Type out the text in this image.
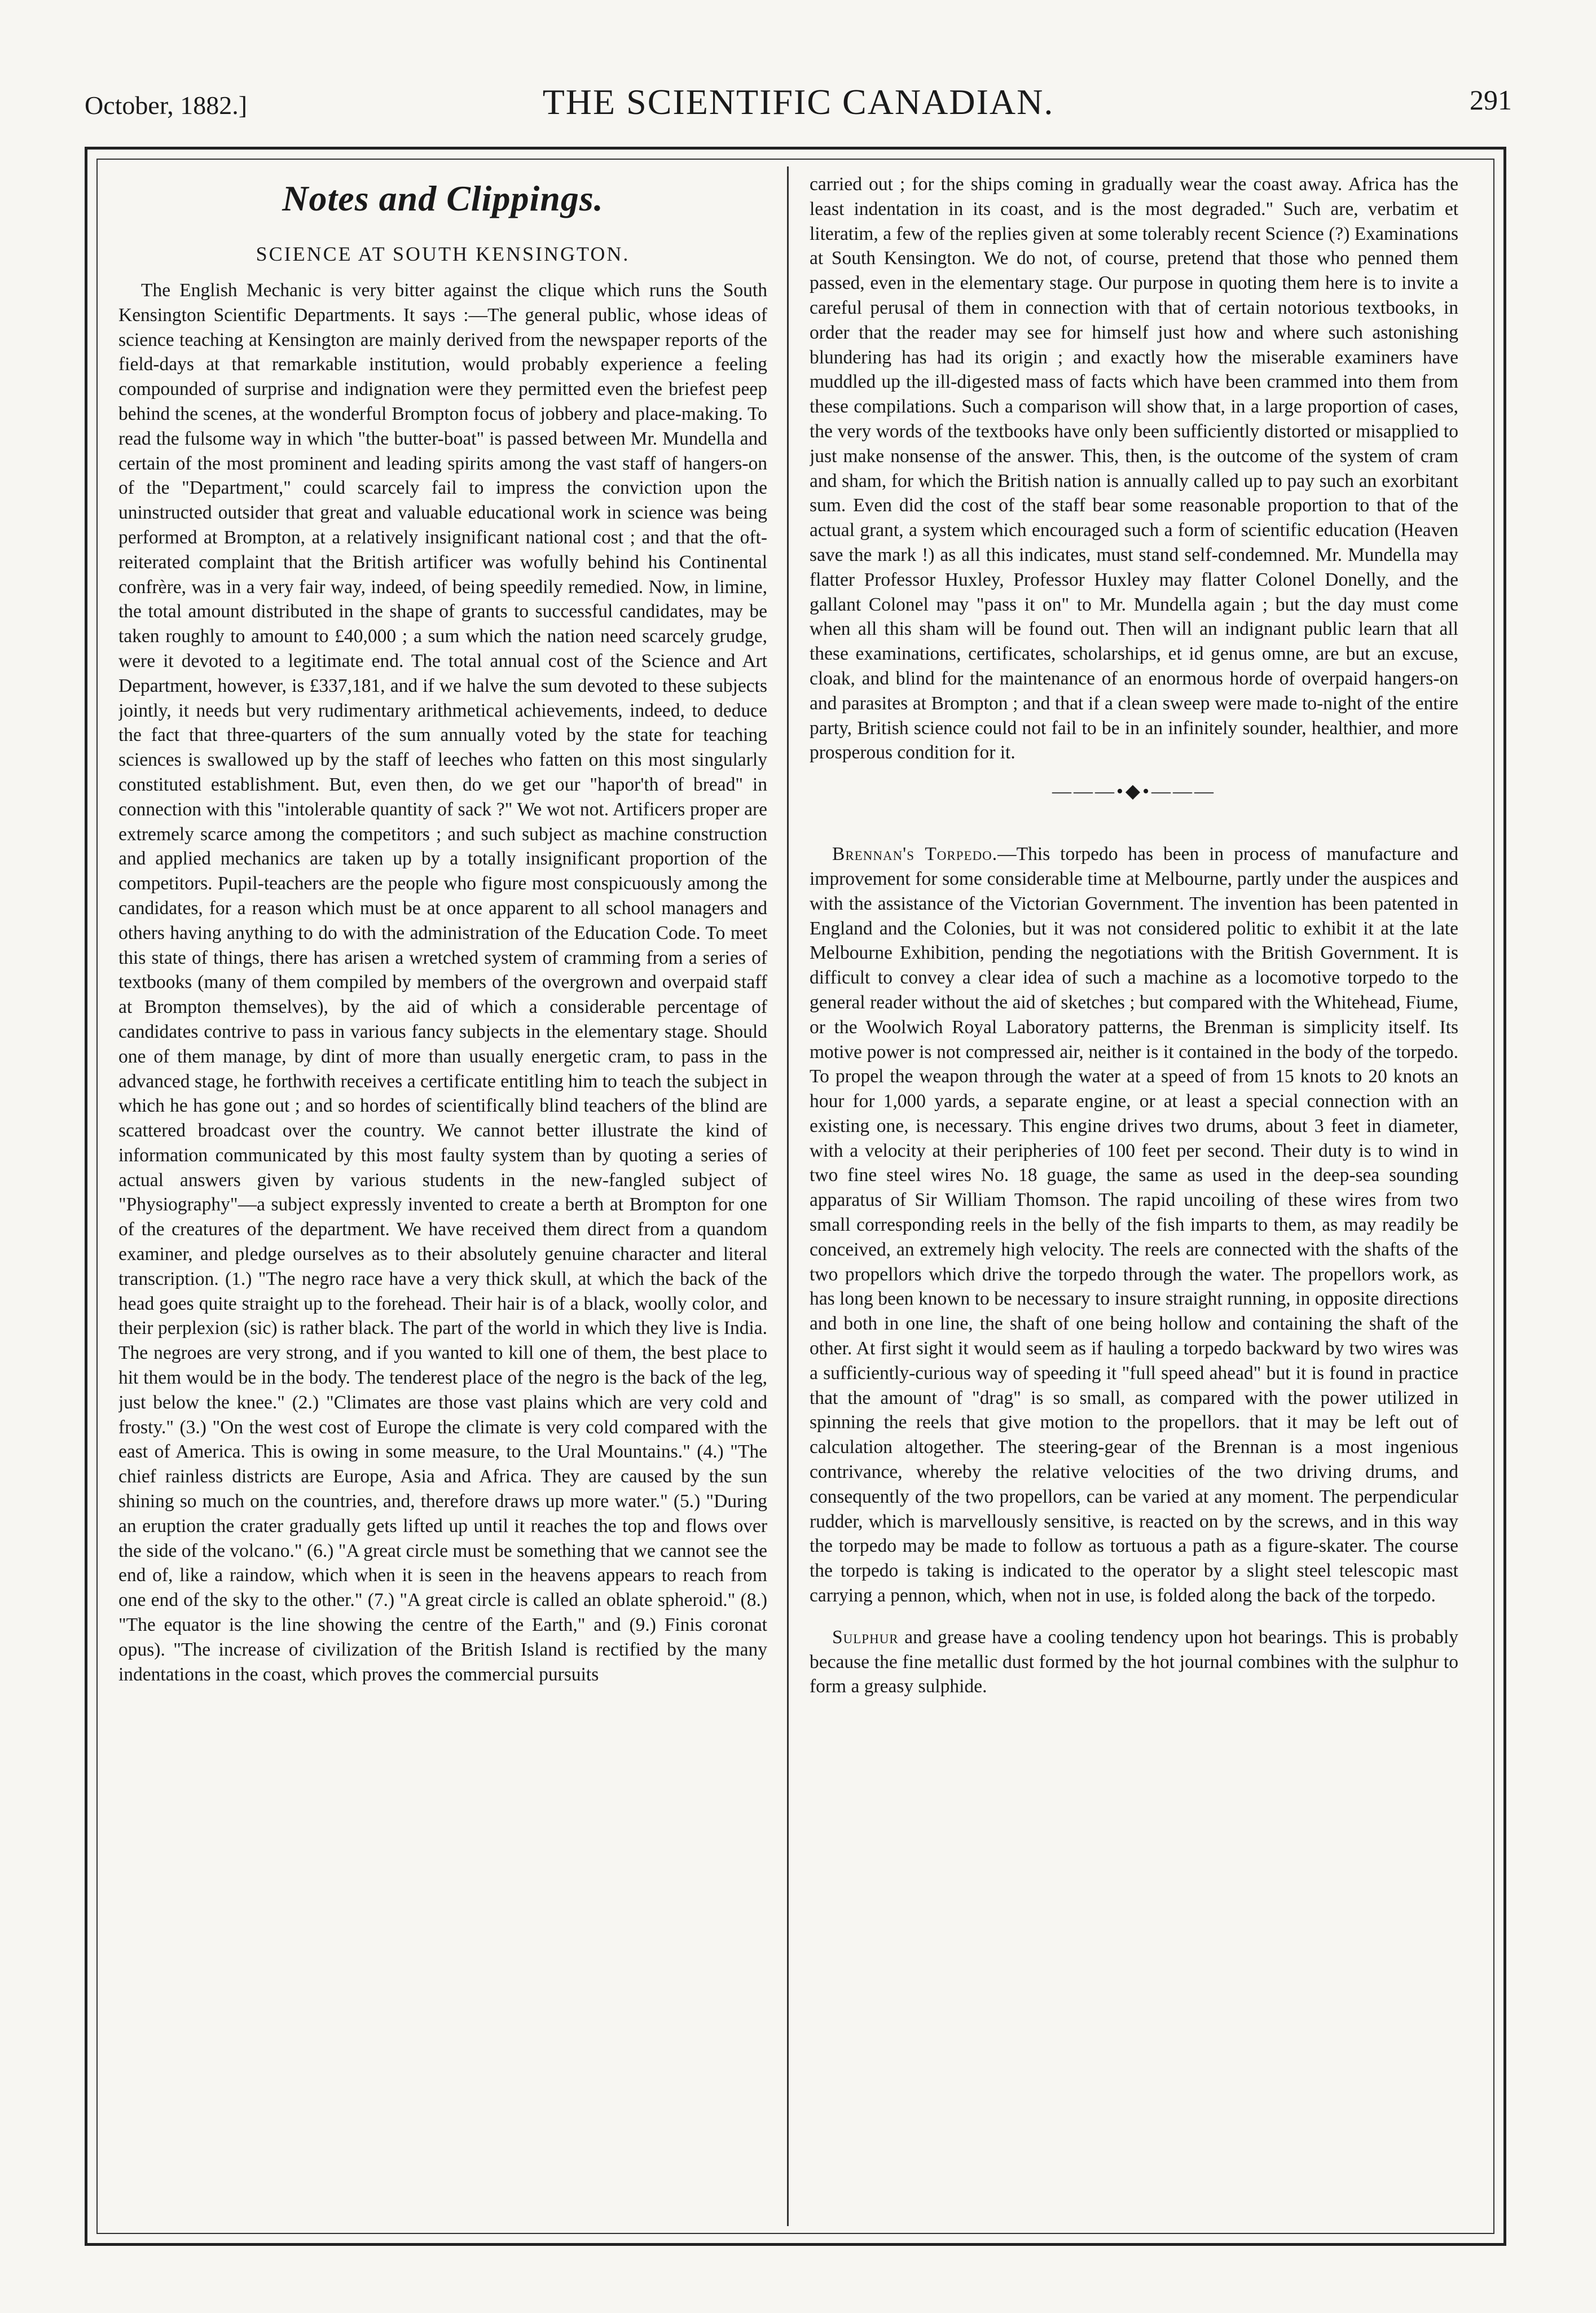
October, 1882.]	THE SCIENTIFIC CANADIAN.	291
Notes and Clippings.
SCIENCE AT SOUTH KENSINGTON.

The English Mechanic is very bitter against the clique which runs the South Kensington Scientific Departments. It says :—The general public, whose ideas of science teaching at Kensington are mainly derived from the newspaper reports of the field-days at that remarkable institution, would probably experience a feeling compounded of surprise and indignation were they permitted even the briefest peep behind the scenes, at the wonderful Brompton focus of jobbery and place-making. To read the fulsome way in which "the butter-boat" is passed between Mr. Mundella and certain of the most prominent and leading spirits among the vast staff of hangers-on of the "Department," could scarcely fail to impress the conviction upon the uninstructed outsider that great and valuable educational work in science was being performed at Brompton, at a relatively insignificant national cost ; and that the oft-reiterated complaint that the British artificer was wofully behind his Continental confrère, was in a very fair way, indeed, of being speedily remedied. Now, in limine, the total amount distributed in the shape of grants to successful candidates, may be taken roughly to amount to £40,000 ; a sum which the nation need scarcely grudge, were it devoted to a legitimate end. The total annual cost of the Science and Art Department, however, is £337,181, and if we halve the sum devoted to these subjects jointly, it needs but very rudimentary arithmetical achievements, indeed, to deduce the fact that three-quarters of the sum annually voted by the state for teaching sciences is swallowed up by the staff of leeches who fatten on this most singularly constituted establishment. But, even then, do we get our "hapor'th of bread" in connection with this "intolerable quantity of sack ?" We wot not. Artificers proper are extremely scarce among the competitors ; and such subject as machine construction and applied mechanics are taken up by a totally insignificant proportion of the competitors. Pupil-teachers are the people who figure most conspicuously among the candidates, for a reason which must be at once apparent to all school managers and others having anything to do with the administration of the Education Code. To meet this state of things, there has arisen a wretched system of cramming from a series of textbooks (many of them compiled by members of the overgrown and overpaid staff at Brompton themselves), by the aid of which a considerable percentage of candidates contrive to pass in various fancy subjects in the elementary stage. Should one of them manage, by dint of more than usually energetic cram, to pass in the advanced stage, he forthwith receives a certificate entitling him to teach the subject in which he has gone out ; and so hordes of scientifically blind teachers of the blind are scattered broadcast over the country. We cannot better illustrate the kind of information communicated by this most faulty system than by quoting a series of actual answers given by various students in the new-fangled subject of "Physiography"—a subject expressly invented to create a berth at Brompton for one of the creatures of the department. We have received them direct from a quandom examiner, and pledge ourselves as to their absolutely genuine character and literal transcription. (1.) "The negro race have a very thick skull, at which the back of the head goes quite straight up to the forehead. Their hair is of a black, woolly color, and their perplexion (sic) is rather black. The part of the world in which they live is India. The negroes are very strong, and if you wanted to kill one of them, the best place to hit them would be in the body. The tenderest place of the negro is the back of the leg, just below the knee." (2.) "Climates are those vast plains which are very cold and frosty." (3.) "On the west cost of Europe the climate is very cold compared with the east of America. This is owing in some measure, to the Ural Mountains." (4.) "The chief rainless districts are Europe, Asia and Africa. They are caused by the sun shining so much on the countries, and, therefore draws up more water." (5.) "During an eruption the crater gradually gets lifted up until it reaches the top and flows over the side of the volcano." (6.) "A great circle must be something that we cannot see the end of, like a raindow, which when it is seen in the heavens appears to reach from one end of the sky to the other." (7.) "A great circle is called an oblate spheroid." (8.) "The equator is the line showing the centre of the Earth," and (9.) Finis coronat opus). "The increase of civilization of the British Island is rectified by the many indentations in the coast, which proves the commercial pursuits

carried out ; for the ships coming in gradually wear the coast away. Africa has the least indentation in its coast, and is the most degraded." Such are, verbatim et literatim, a few of the replies given at some tolerably recent Science (?) Examinations at South Kensington. We do not, of course, pretend that those who penned them passed, even in the elementary stage. Our purpose in quoting them here is to invite a careful perusal of them in connection with that of certain notorious textbooks, in order that the reader may see for himself just how and where such astonishing blundering has had its origin ; and exactly how the miserable examiners have muddled up the ill-digested mass of facts which have been crammed into them from these compilations. Such a comparison will show that, in a large proportion of cases, the very words of the textbooks have only been sufficiently distorted or misapplied to just make nonsense of the answer. This, then, is the outcome of the system of cram and sham, for which the British nation is annually called up to pay such an exorbitant sum. Even did the cost of the staff bear some reasonable proportion to that of the actual grant, a system which encouraged such a form of scientific education (Heaven save the mark !) as all this indicates, must stand self-condemned. Mr. Mundella may flatter Professor Huxley, Professor Huxley may flatter Colonel Donelly, and the gallant Colonel may "pass it on" to Mr. Mundella again ; but the day must come when all this sham will be found out. Then will an indignant public learn that all these examinations, certificates, scholarships, et id genus omne, are but an excuse, cloak, and blind for the maintenance of an enormous horde of overpaid hangers-on and parasites at Brompton ; and that if a clean sweep were made to-night of the entire party, British science could not fail to be in an infinitely sounder, healthier, and more prosperous condition for it.

———•◆•———

Brennan's Torpedo.—This torpedo has been in process of manufacture and improvement for some considerable time at Melbourne, partly under the auspices and with the assistance of the Victorian Government. The invention has been patented in England and the Colonies, but it was not considered politic to exhibit it at the late Melbourne Exhibition, pending the negotiations with the British Government. It is difficult to convey a clear idea of such a machine as a locomotive torpedo to the general reader without the aid of sketches ; but compared with the Whitehead, Fiume, or the Woolwich Royal Laboratory patterns, the Brenman is simplicity itself. Its motive power is not compressed air, neither is it contained in the body of the torpedo. To propel the weapon through the water at a speed of from 15 knots to 20 knots an hour for 1,000 yards, a separate engine, or at least a special connection with an existing one, is necessary. This engine drives two drums, about 3 feet in diameter, with a velocity at their peripheries of 100 feet per second. Their duty is to wind in two fine steel wires No. 18 guage, the same as used in the deep-sea sounding apparatus of Sir William Thomson. The rapid uncoiling of these wires from two small corresponding reels in the belly of the fish imparts to them, as may readily be conceived, an extremely high velocity. The reels are connected with the shafts of the two propellors which drive the torpedo through the water. The propellors work, as has long been known to be necessary to insure straight running, in opposite directions and both in one line, the shaft of one being hollow and containing the shaft of the other. At first sight it would seem as if hauling a torpedo backward by two wires was a sufficiently-curious way of speeding it "full speed ahead" but it is found in practice that the amount of "drag" is so small, as compared with the power utilized in spinning the reels that give motion to the propellors. that it may be left out of calculation altogether. The steering-gear of the Brennan is a most ingenious contrivance, whereby the relative velocities of the two driving drums, and consequently of the two propellors, can be varied at any moment. The perpendicular rudder, which is marvellously sensitive, is reacted on by the screws, and in this way the torpedo may be made to follow as tortuous a path as a figure-skater. The course the torpedo is taking is indicated to the operator by a slight steel telescopic mast carrying a pennon, which, when not in use, is folded along the back of the torpedo.

Sulphur and grease have a cooling tendency upon hot bearings. This is probably because the fine metallic dust formed by the hot journal combines with the sulphur to form a greasy sulphide.
